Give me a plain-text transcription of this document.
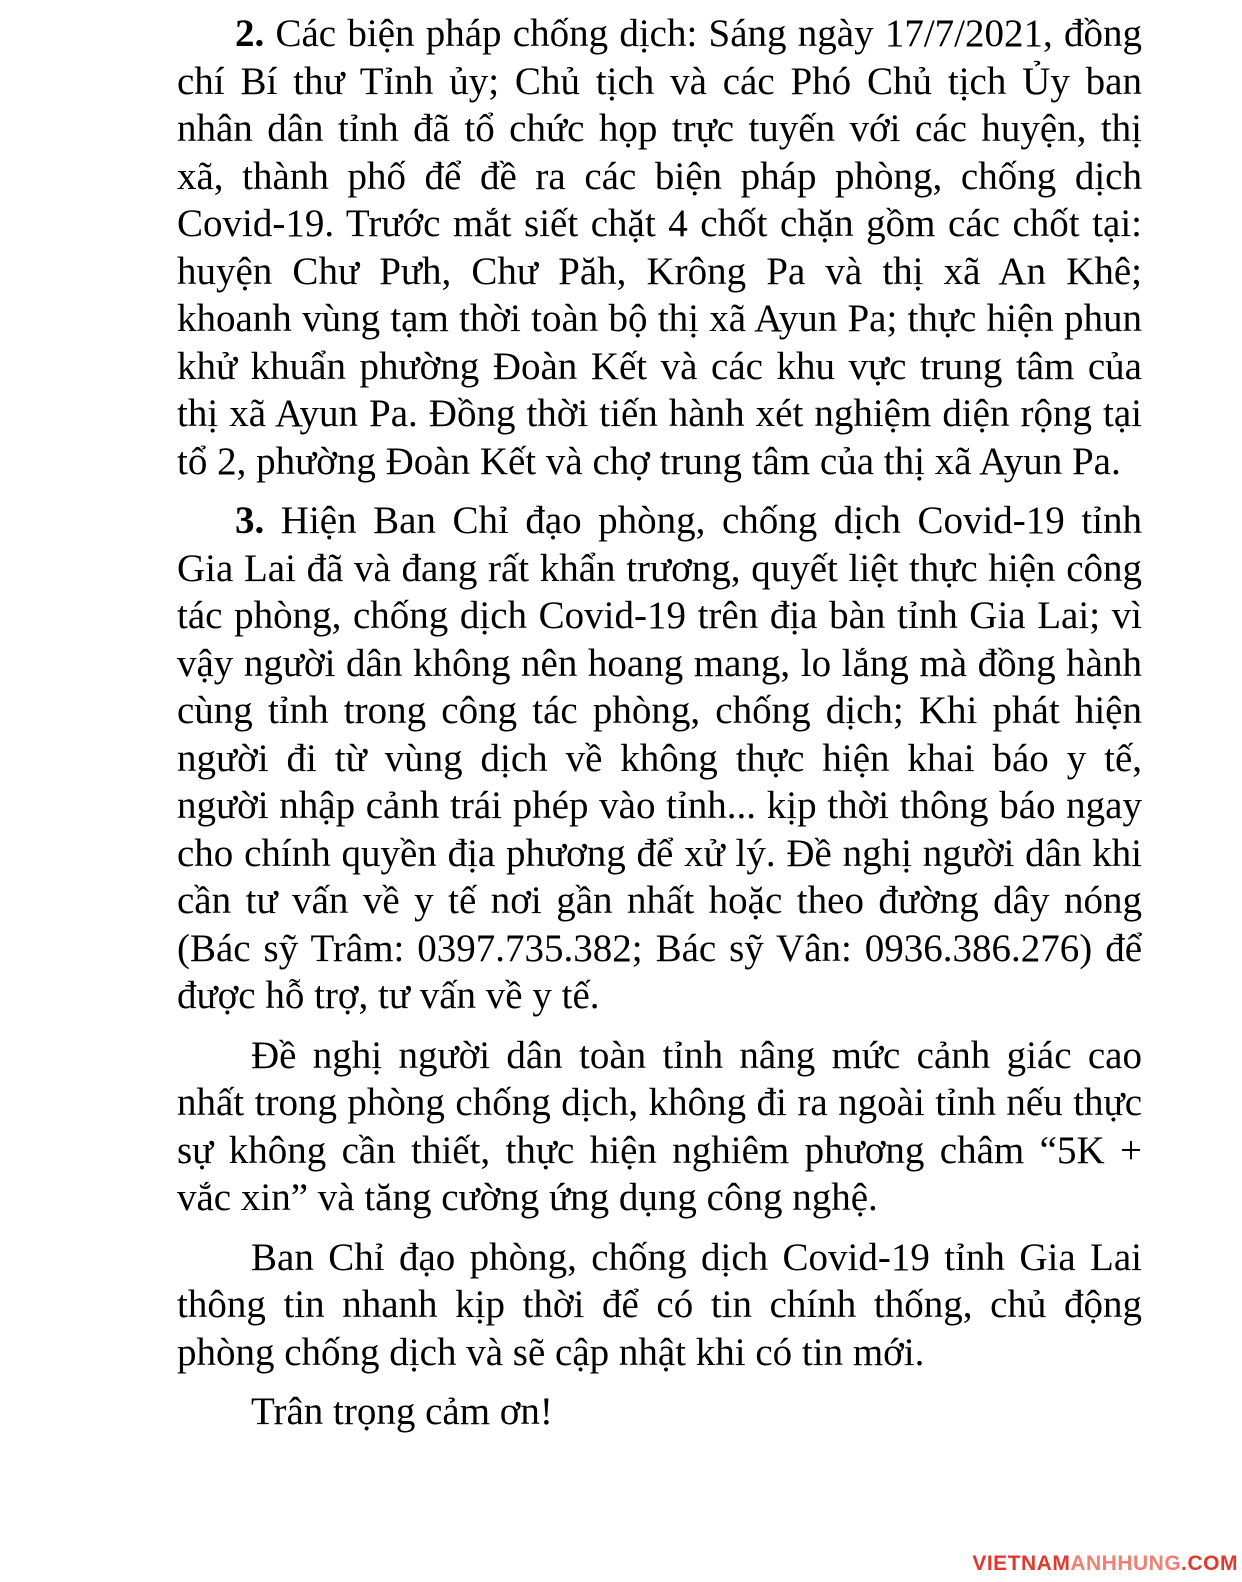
2. Các biện pháp chống dịch: Sáng ngày 17/7/2021, đồng chí Bí thư Tỉnh ủy; Chủ tịch và các Phó Chủ tịch Ủy ban nhân dân tỉnh đã tổ chức họp trực tuyến với các huyện, thị xã, thành phố để đề ra các biện pháp phòng, chống dịch Covid-19. Trước mắt siết chặt 4 chốt chặn gồm các chốt tại: huyện Chư Pưh, Chư Păh, Krông Pa và thị xã An Khê; khoanh vùng tạm thời toàn bộ thị xã Ayun Pa; thực hiện phun khử khuẩn phường Đoàn Kết và các khu vực trung tâm của thị xã Ayun Pa. Đồng thời tiến hành xét nghiệm diện rộng tại tổ 2, phường Đoàn Kết và chợ trung tâm của thị xã Ayun Pa.

3. Hiện Ban Chỉ đạo phòng, chống dịch Covid-19 tỉnh Gia Lai đã và đang rất khẩn trương, quyết liệt thực hiện công tác phòng, chống dịch Covid-19 trên địa bàn tỉnh Gia Lai; vì vậy người dân không nên hoang mang, lo lắng mà đồng hành cùng tỉnh trong công tác phòng, chống dịch; Khi phát hiện người đi từ vùng dịch về không thực hiện khai báo y tế, người nhập cảnh trái phép vào tỉnh... kịp thời thông báo ngay cho chính quyền địa phương để xử lý. Đề nghị người dân khi cần tư vấn về y tế nơi gần nhất hoặc theo đường dây nóng (Bác sỹ Trâm: 0397.735.382; Bác sỹ Vân: 0936.386.276) để được hỗ trợ, tư vấn về y tế.

Đề nghị người dân toàn tỉnh nâng mức cảnh giác cao nhất trong phòng chống dịch, không đi ra ngoài tỉnh nếu thực sự không cần thiết, thực hiện nghiêm phương châm “5K + vắc xin” và tăng cường ứng dụng công nghệ.

Ban Chỉ đạo phòng, chống dịch Covid-19 tỉnh Gia Lai thông tin nhanh kịp thời để có tin chính thống, chủ động phòng chống dịch và sẽ cập nhật khi có tin mới.

Trân trọng cảm ơn!

VIETNAMANHHUNG.COM
